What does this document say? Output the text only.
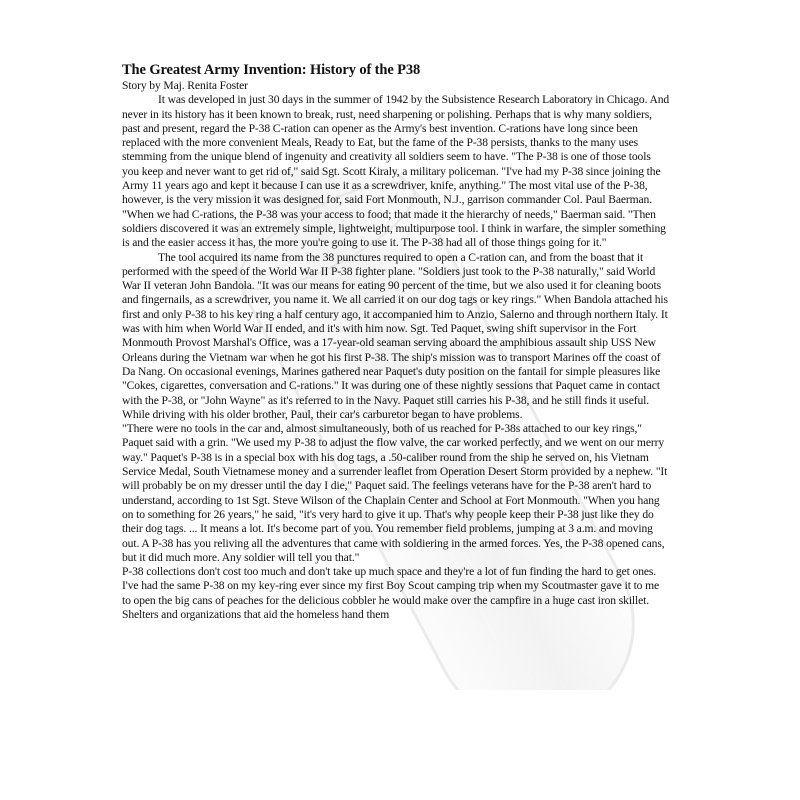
The Greatest Army Invention: History of the P38

Story by Maj. Renita Foster

It was developed in just 30 days in the summer of 1942 by the Subsistence Research Laboratory in Chicago. And never in its history has it been known to break, rust, need sharpening or polishing. Perhaps that is why many soldiers, past and present, regard the P-38 C-ration can opener as the Army's best invention. C-rations have long since been replaced with the more convenient Meals, Ready to Eat, but the fame of the P-38 persists, thanks to the many uses stemming from the unique blend of ingenuity and creativity all soldiers seem to have. "The P-38 is one of those tools you keep and never want to get rid of," said Sgt. Scott Kiraly, a military policeman. "I've had my P-38 since joining the Army 11 years ago and kept it because I can use it as a screwdriver, knife, anything." The most vital use of the P-38, however, is the very mission it was designed for, said Fort Monmouth, N.J., garrison commander Col. Paul Baerman.

"When we had C-rations, the P-38 was your access to food; that made it the hierarchy of needs," Baerman said. "Then soldiers discovered it was an extremely simple, lightweight, multipurpose tool. I think in warfare, the simpler something is and the easier access it has, the more you're going to use it. The P-38 had all of those things going for it."

The tool acquired its name from the 38 punctures required to open a C-ration can, and from the boast that it performed with the speed of the World War II P-38 fighter plane. "Soldiers just took to the P-38 naturally," said World War II veteran John Bandola. "It was our means for eating 90 percent of the time, but we also used it for cleaning boots and fingernails, as a screwdriver, you name it. We all carried it on our dog tags or key rings." When Bandola attached his first and only P-38 to his key ring a half century ago, it accompanied him to Anzio, Salerno and through northern Italy. It was with him when World War II ended, and it's with him now. Sgt. Ted Paquet, swing shift supervisor in the Fort Monmouth Provost Marshal's Office, was a 17-year-old seaman serving aboard the amphibious assault ship USS New Orleans during the Vietnam war when he got his first P-38. The ship's mission was to transport Marines off the coast of Da Nang. On occasional evenings, Marines gathered near Paquet's duty position on the fantail for simple pleasures like "Cokes, cigarettes, conversation and C-rations." It was during one of these nightly sessions that Paquet came in contact with the P-38, or "John Wayne" as it's referred to in the Navy. Paquet still carries his P-38, and he still finds it useful. While driving with his older brother, Paul, their car's carburetor began to have problems.

"There were no tools in the car and, almost simultaneously, both of us reached for P-38s attached to our key rings," Paquet said with a grin. "We used my P-38 to adjust the flow valve, the car worked perfectly, and we went on our merry way." Paquet's P-38 is in a special box with his dog tags, a .50-caliber round from the ship he served on, his Vietnam Service Medal, South Vietnamese money and a surrender leaflet from Operation Desert Storm provided by a nephew. "It will probably be on my dresser until the day I die," Paquet said. The feelings veterans have for the P-38 aren't hard to understand, according to 1st Sgt. Steve Wilson of the Chaplain Center and School at Fort Monmouth. "When you hang on to something for 26 years," he said, "it's very hard to give it up. That's why people keep their P-38 just like they do their dog tags. ... It means a lot. It's become part of you. You remember field problems, jumping at 3 a.m. and moving out. A P-38 has you reliving all the adventures that came with soldiering in the armed forces. Yes, the P-38 opened cans, but it did much more. Any soldier will tell you that."

P-38 collections don't cost too much and don't take up much space and they're a lot of fun finding the hard to get ones. I've had the same P-38 on my key-ring ever since my first Boy Scout camping trip when my Scoutmaster gave it to me to open the big cans of peaches for the delicious cobbler he would make over the campfire in a huge cast iron skillet. Shelters and organizations that aid the homeless hand them
